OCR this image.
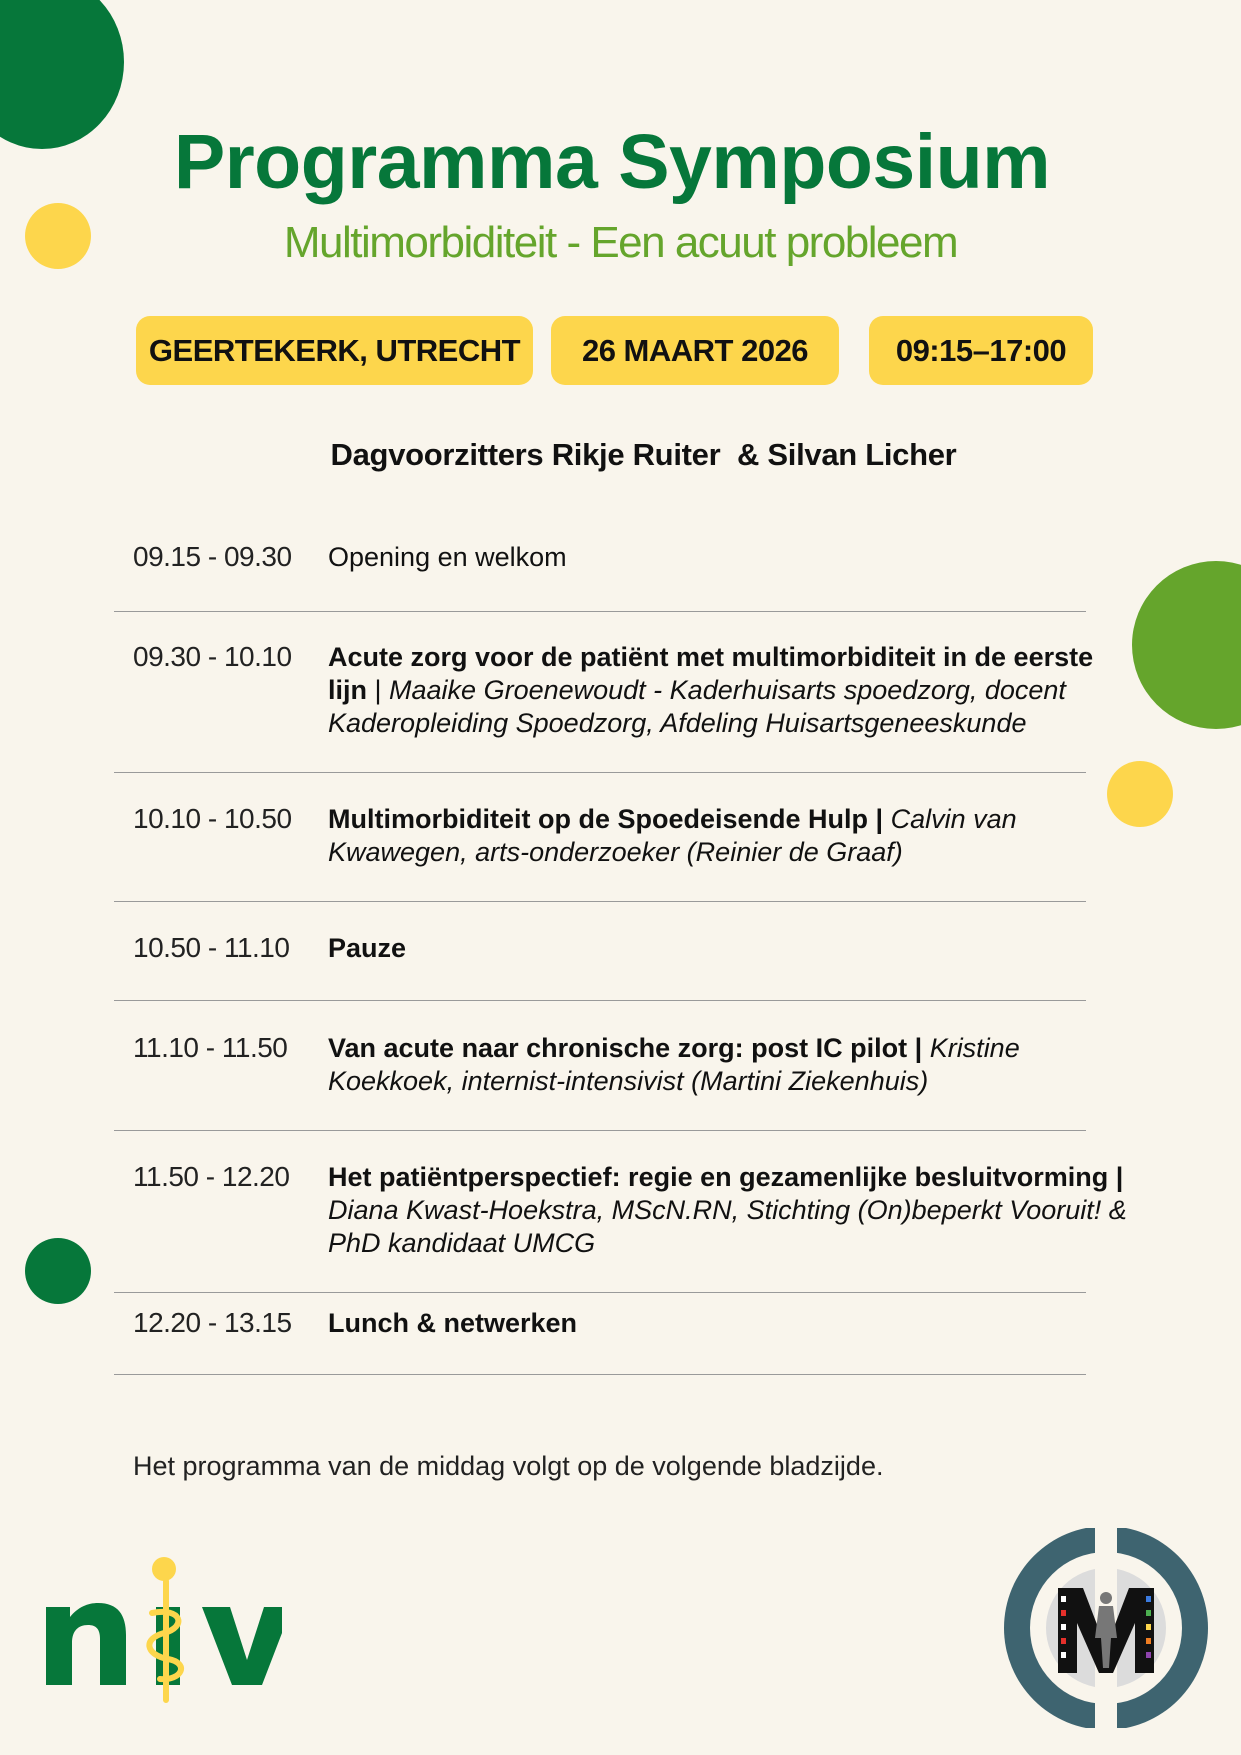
Programma Symposium
Multimorbiditeit - Een acuut probleem
GEERTEKERK, UTRECHT	26 MAART 2026	09:15–17:00
Dagvoorzitters Rikje Ruiter  & Silvan Licher
09.15 - 09.30 Opening en welkom
09.30 - 10.10 Acute zorg voor de patiënt met multimorbiditeit in de eerste lijn | Maaike Groenewoudt - Kaderhuisarts spoedzorg, docent Kaderopleiding Spoedzorg, Afdeling Huisartsgeneeskunde
10.10 - 10.50 Multimorbiditeit op de Spoedeisende Hulp | Calvin van Kwawegen, arts-onderzoeker (Reinier de Graaf)
10.50 - 11.10 Pauze
11.10 - 11.50 Van acute naar chronische zorg: post IC pilot | Kristine Koekkoek, internist-intensivist (Martini Ziekenhuis)
11.50 - 12.20 Het patiëntperspectief: regie en gezamenlijke besluitvorming | Diana Kwast-Hoekstra, MScN.RN, Stichting (On)beperkt Vooruit! & PhD kandidaat UMCG
12.20 - 13.15 Lunch & netwerken
Het programma van de middag volgt op de volgende bladzijde.
